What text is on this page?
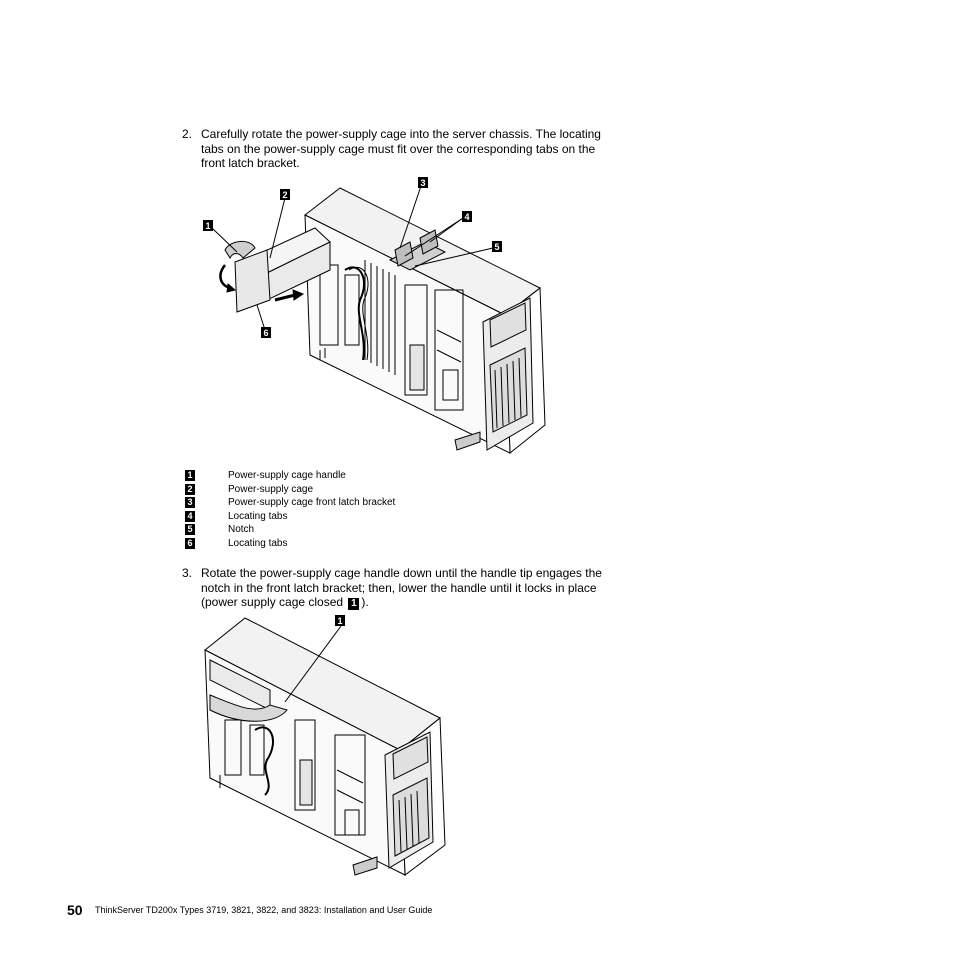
2. Carefully rotate the power-supply cage into the server chassis. The locating tabs on the power-supply cage must fit over the corresponding tabs on the front latch bracket.
1
2
3
4
5
6
1	Power-supply cage handle
2	Power-supply cage
3	Power-supply cage front latch bracket
4	Locating tabs
5	Notch
6	Locating tabs
3. Rotate the power-supply cage handle down until the handle tip engages the notch in the front latch bracket; then, lower the handle until it locks in place (power supply cage closed 1 ).
1
50 ThinkServer TD200x Types 3719, 3821, 3822, and 3823: Installation and User Guide
